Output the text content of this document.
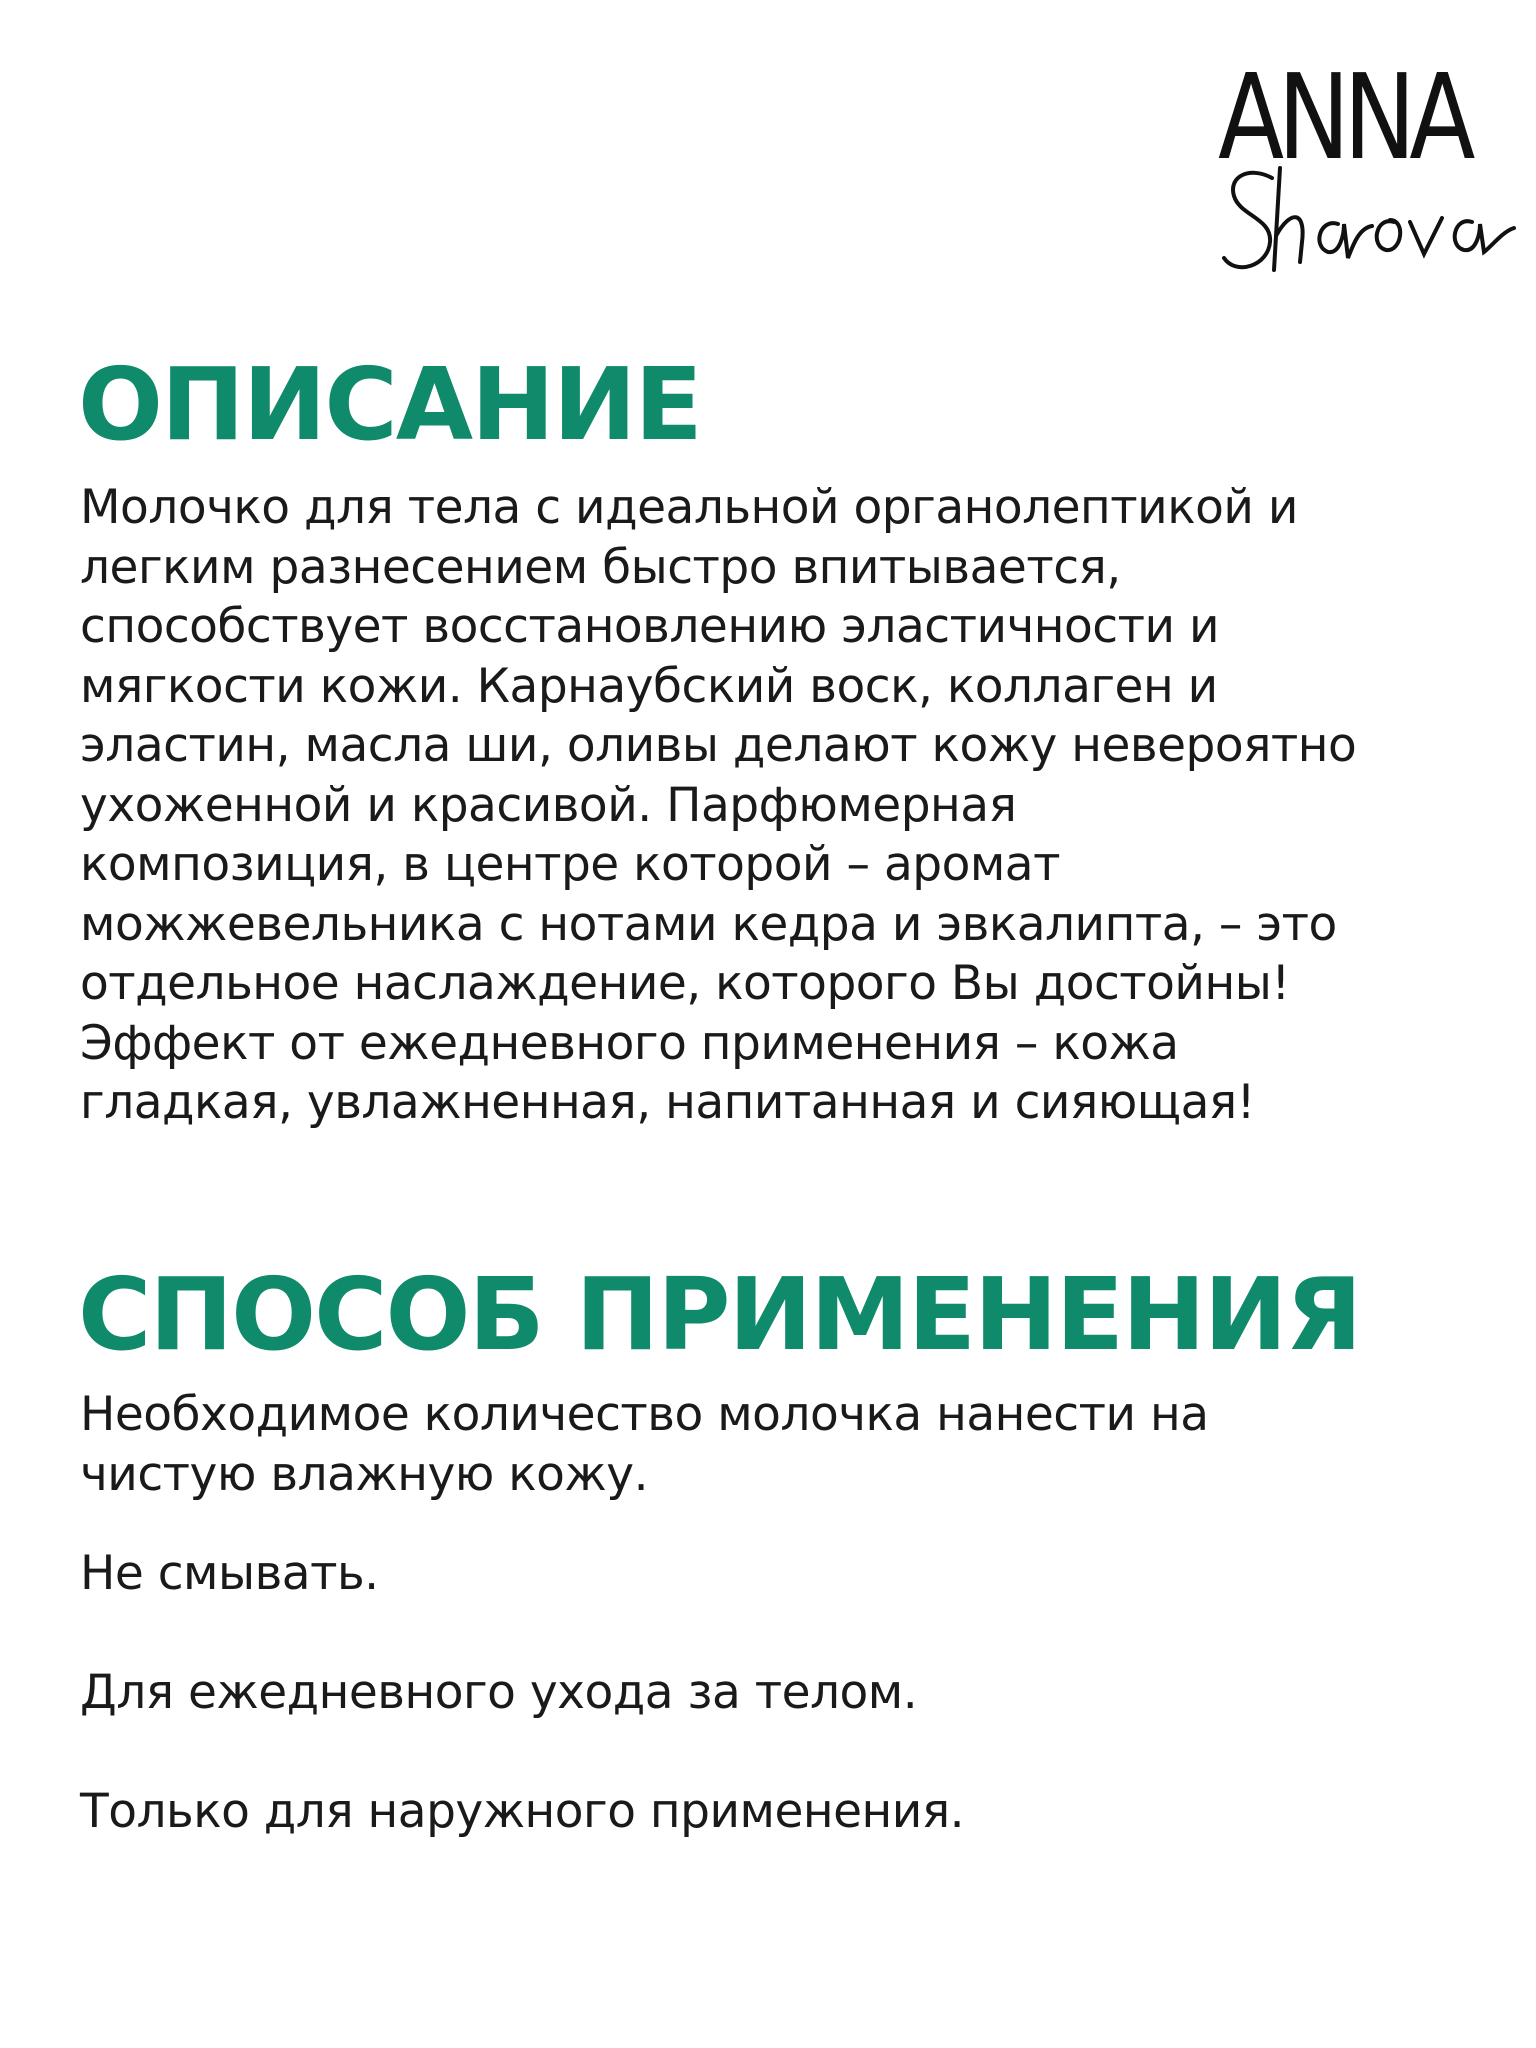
ANNA
ОПИСАНИЕ

Молочко для тела с идеальной органолептикой и
легким разнесением быстро впитывается,
способствует восстановлению эластичности и
мягкости кожи. Карнаубский воск, коллаген и
эластин, масла ши, оливы делают кожу невероятно
ухоженной и красивой. Парфюмерная
композиция, в центре которой – аромат
можжевельника с нотами кедра и эвкалипта, – это
отдельное наслаждение, которого Вы достойны!
Эффект от ежедневного применения – кожа
гладкая, увлажненная, напитанная и сияющая!

СПОСОБ ПРИМЕНЕНИЯ

Необходимое количество молочка нанести на
чистую влажную кожу.

Не смывать.

Для ежедневного ухода за телом.

Только для наружного применения.
